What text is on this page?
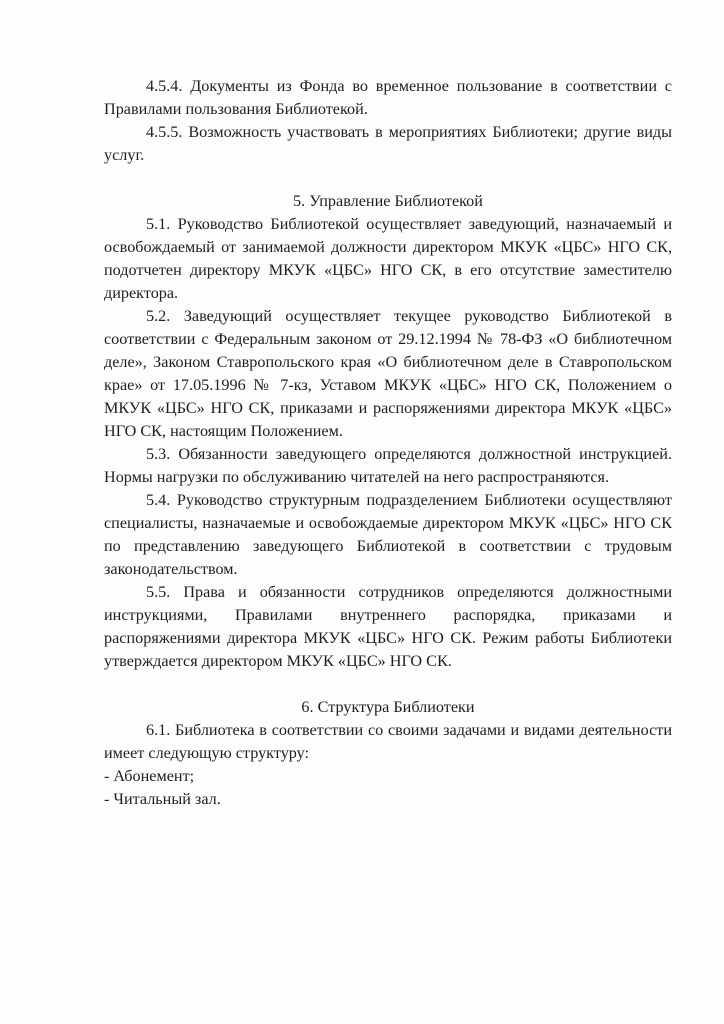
4.5.4. Документы из Фонда во временное пользование в соответствии с Правилами пользования Библиотекой.

4.5.5. Возможность участвовать в мероприятиях Библиотеки; другие виды услуг.

5. Управление Библиотекой

5.1. Руководство Библиотекой осуществляет заведующий, назначаемый и освобождаемый от занимаемой должности директором МКУК «ЦБС» НГО СК, подотчетен директору МКУК «ЦБС» НГО СК, в его отсутствие заместителю директора.

5.2. Заведующий осуществляет текущее руководство Библиотекой в соответствии с Федеральным законом от 29.12.1994 № 78-ФЗ «О библиотечном деле», Законом Ставропольского края «О библиотечном деле в Ставропольском крае» от 17.05.1996 № 7-кз, Уставом МКУК «ЦБС» НГО СК, Положением о МКУК «ЦБС» НГО СК, приказами и распоряжениями директора МКУК «ЦБС» НГО СК, настоящим Положением.

5.3. Обязанности заведующего определяются должностной инструкцией. Нормы нагрузки по обслуживанию читателей на него распространяются.

5.4. Руководство структурным подразделением Библиотеки осуществляют специалисты, назначаемые и освобождаемые директором МКУК «ЦБС» НГО СК по представлению заведующего Библиотекой в соответствии с трудовым законодательством.

5.5. Права и обязанности сотрудников определяются должностными инструкциями, Правилами внутреннего распорядка, приказами и распоряжениями директора МКУК «ЦБС» НГО СК. Режим работы Библиотеки утверждается директором МКУК «ЦБС» НГО СК.

6. Структура Библиотеки

6.1. Библиотека в соответствии со своими задачами и видами деятельности имеет следующую структуру:

- Абонемент;

- Читальный зал.
